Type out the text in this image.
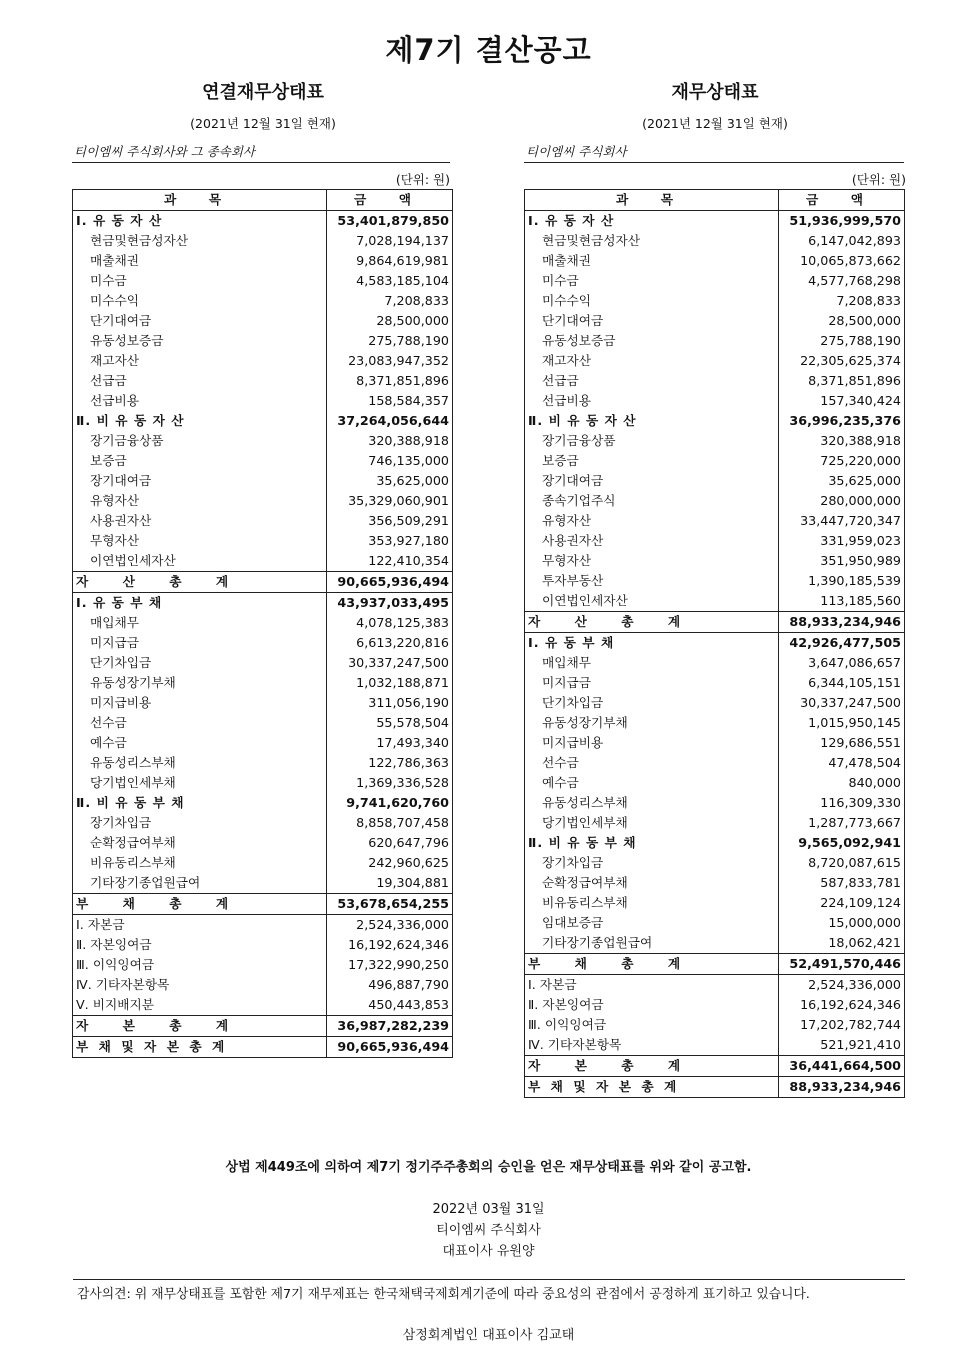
제7기 결산공고
연결재무상태표
(2021년 12월 31일 현재)
티이엠씨 주식회사와 그 종속회사
(단위: 원)
과 목	금 액
Ⅰ. 유 동 자 산	53,401,879,850
현금및현금성자산	7,028,194,137
매출채권	9,864,619,981
미수금	4,583,185,104
미수수익	7,208,833
단기대여금	28,500,000
유동성보증금	275,788,190
재고자산	23,083,947,352
선급금	8,371,851,896
선급비용	158,584,357
Ⅱ. 비 유 동 자 산	37,264,056,644
장기금융상품	320,388,918
보증금	746,135,000
장기대여금	35,625,000
유형자산	35,329,060,901
사용권자산	356,509,291
무형자산	353,927,180
이연법인세자산	122,410,354
자　　산　　총　　계	90,665,936,494
Ⅰ. 유 동 부 채	43,937,033,495
매입채무	4,078,125,383
미지급금	6,613,220,816
단기차입금	30,337,247,500
유동성장기부채	1,032,188,871
미지급비용	311,056,190
선수금	55,578,504
예수금	17,493,340
유동성리스부채	122,786,363
당기법인세부채	1,369,336,528
Ⅱ. 비 유 동 부 채	9,741,620,760
장기차입금	8,858,707,458
순확정급여부채	620,647,796
비유동리스부채	242,960,625
기타장기종업원급여	19,304,881
부　　채　　총　　계	53,678,654,255
Ⅰ. 자본금	2,524,336,000
Ⅱ. 자본잉여금	16,192,624,346
Ⅲ. 이익잉여금	17,322,990,250
Ⅳ. 기타자본항목	496,887,790
Ⅴ. 비지배지분	450,443,853
자　　본　　총　　계	36,987,282,239
부 채 및 자 본 총 계	90,665,936,494
재무상태표
(2021년 12월 31일 현재)
티이엠씨 주식회사
(단위: 원)
과 목	금 액
Ⅰ. 유 동 자 산	51,936,999,570
현금및현금성자산	6,147,042,893
매출채권	10,065,873,662
미수금	4,577,768,298
미수수익	7,208,833
단기대여금	28,500,000
유동성보증금	275,788,190
재고자산	22,305,625,374
선급금	8,371,851,896
선급비용	157,340,424
Ⅱ. 비 유 동 자 산	36,996,235,376
장기금융상품	320,388,918
보증금	725,220,000
장기대여금	35,625,000
종속기업주식	280,000,000
유형자산	33,447,720,347
사용권자산	331,959,023
무형자산	351,950,989
투자부동산	1,390,185,539
이연법인세자산	113,185,560
자　　산　　총　　계	88,933,234,946
Ⅰ. 유 동 부 채	42,926,477,505
매입채무	3,647,086,657
미지급금	6,344,105,151
단기차입금	30,337,247,500
유동성장기부채	1,015,950,145
미지급비용	129,686,551
선수금	47,478,504
예수금	840,000
유동성리스부채	116,309,330
당기법인세부채	1,287,773,667
Ⅱ. 비 유 동 부 채	9,565,092,941
장기차입금	8,720,087,615
순확정급여부채	587,833,781
비유동리스부채	224,109,124
임대보증금	15,000,000
기타장기종업원급여	18,062,421
부　　채　　총　　계	52,491,570,446
Ⅰ. 자본금	2,524,336,000
Ⅱ. 자본잉여금	16,192,624,346
Ⅲ. 이익잉여금	17,202,782,744
Ⅳ. 기타자본항목	521,921,410
자　　본　　총　　계	36,441,664,500
부 채 및 자 본 총 계	88,933,234,946
상법 제449조에 의하여 제7기 정기주주총회의 승인을 얻은 재무상태표를 위와 같이 공고함.
2022년 03월 31일
티이엠씨 주식회사
대표이사 유원양
감사의견: 위 재무상태표를 포함한 제7기 재무제표는 한국채택국제회계기준에 따라 중요성의 관점에서 공정하게 표기하고 있습니다.
삼정회계법인 대표이사 김교태
